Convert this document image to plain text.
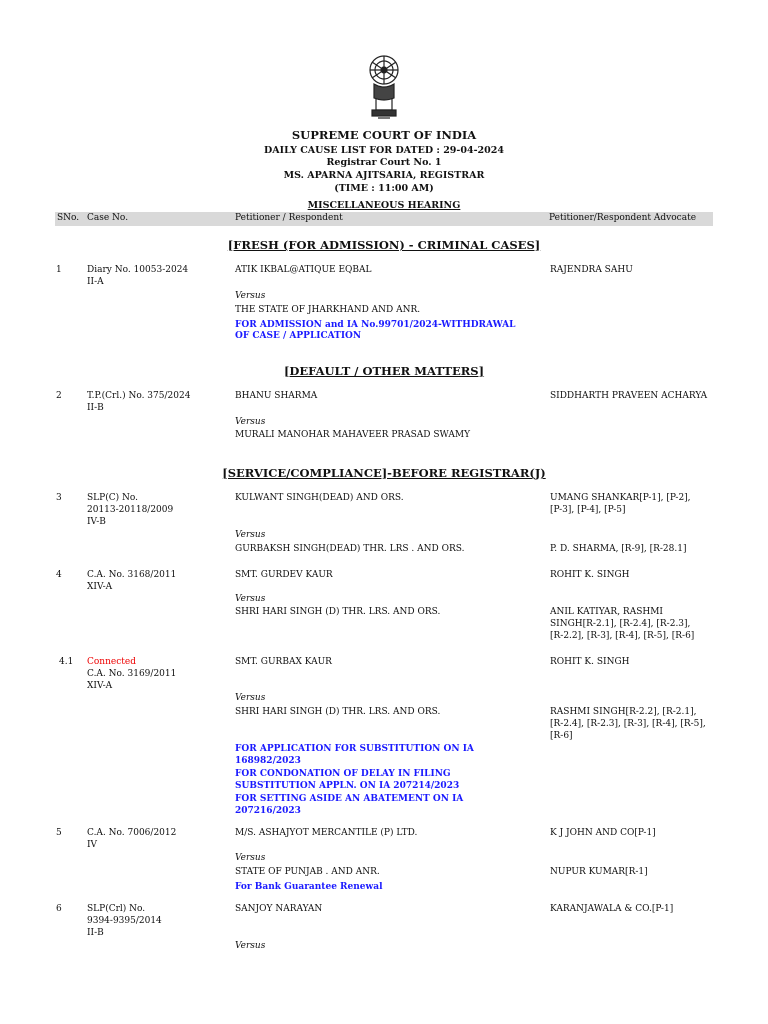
SUPREME COURT OF INDIA
DAILY CAUSE LIST FOR DATED : 29-04-2024
Registrar Court No. 1
MS. APARNA AJITSARIA, REGISTRAR
(TIME : 11:00 AM)
MISCELLANEOUS HEARING
SNo. Case No.	Petitioner / Respondent	Petitioner/Respondent Advocate
[FRESH (FOR ADMISSION) - CRIMINAL CASES]
1	Diary No. 10053-2024
II-A
ATIK IKBAL@ATIQUE EQBAL	RAJENDRA SAHU
Versus
THE STATE OF JHARKHAND AND ANR.
FOR ADMISSION and IA No.99701/2024-WITHDRAWAL
OF CASE / APPLICATION
[DEFAULT / OTHER MATTERS]
2	T.P.(Crl.) No. 375/2024
II-B
BHANU SHARMA	SIDDHARTH PRAVEEN ACHARYA
Versus
MURALI MANOHAR MAHAVEER PRASAD SWAMY
[SERVICE/COMPLIANCE]-BEFORE REGISTRAR(J)
3	SLP(C) No.
20113-20118/2009
IV-B
KULWANT SINGH(DEAD) AND ORS.	UMANG SHANKAR[P-1], [P-2],
[P-3], [P-4], [P-5]
Versus
GURBAKSH SINGH(DEAD) THR. LRS . AND ORS.	P. D. SHARMA, [R-9], [R-28.1]
4	C.A. No. 3168/2011
XIV-A
SMT. GURDEV KAUR	ROHIT K. SINGH
Versus
SHRI HARI SINGH (D) THR. LRS. AND ORS.	ANIL KATIYAR, RASHMI
SINGH[R-2.1], [R-2.4], [R-2.3],
[R-2.2], [R-3], [R-4], [R-5], [R-6]
4.1 Connected
C.A. No. 3169/2011
XIV-A
SMT. GURBAX KAUR	ROHIT K. SINGH
Versus
SHRI HARI SINGH (D) THR. LRS. AND ORS.	RASHMI SINGH[R-2.2], [R-2.1],
[R-2.4], [R-2.3], [R-3], [R-4], [R-5],
[R-6]
FOR APPLICATION FOR SUBSTITUTION ON IA
168982/2023
FOR CONDONATION OF DELAY IN FILING
SUBSTITUTION APPLN. ON IA 207214/2023
FOR SETTING ASIDE AN ABATEMENT ON IA
207216/2023
5	C.A. No. 7006/2012
IV
M/S. ASHAJYOT MERCANTILE (P) LTD.	K J JOHN AND CO[P-1]
Versus
STATE OF PUNJAB . AND ANR.	NUPUR KUMAR[R-1]
For Bank Guarantee Renewal
6	SLP(Crl) No.
9394-9395/2014
II-B
SANJOY NARAYAN	KARANJAWALA & CO.[P-1]
Versus
